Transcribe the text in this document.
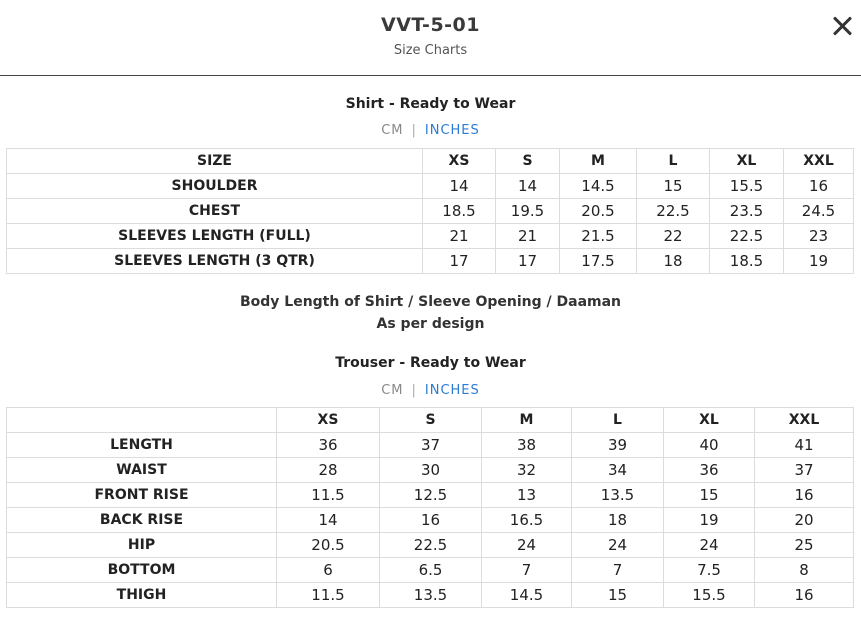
VVT-5-01
Size Charts
Shirt - Ready to Wear
CM | INCHES
SIZE	XS	S	M	L	XL	XXL
SHOULDER	14	14	14.5	15	15.5	16
CHEST	18.5	19.5	20.5	22.5	23.5	24.5
SLEEVES LENGTH (FULL)	21	21	21.5	22	22.5	23
SLEEVES LENGTH (3 QTR)	17	17	17.5	18	18.5	19
Body Length of Shirt / Sleeve Opening / Daaman
As per design
Trouser - Ready to Wear
CM | INCHES
	XS	S	M	L	XL	XXL
LENGTH	36	37	38	39	40	41
WAIST	28	30	32	34	36	37
FRONT RISE	11.5	12.5	13	13.5	15	16
BACK RISE	14	16	16.5	18	19	20
HIP	20.5	22.5	24	24	24	25
BOTTOM	6	6.5	7	7	7.5	8
THIGH	11.5	13.5	14.5	15	15.5	16
